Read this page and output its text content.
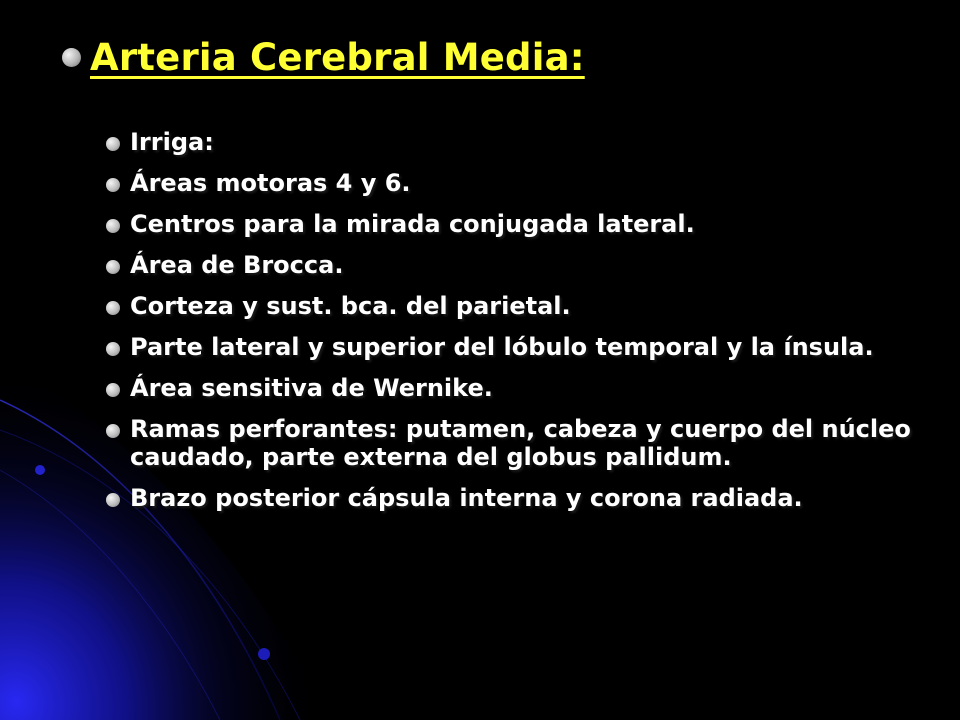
Arteria Cerebral Media:
Irriga:
Áreas motoras 4 y 6.
Centros para la mirada conjugada lateral.
Área de Brocca.
Corteza y sust. bca. del parietal.
Parte lateral y superior del lóbulo temporal y la ínsula.
Área sensitiva de Wernike.
Ramas perforantes: putamen, cabeza y cuerpo del núcleo caudado, parte externa del globus pallidum.
Brazo posterior cápsula interna y corona radiada.
